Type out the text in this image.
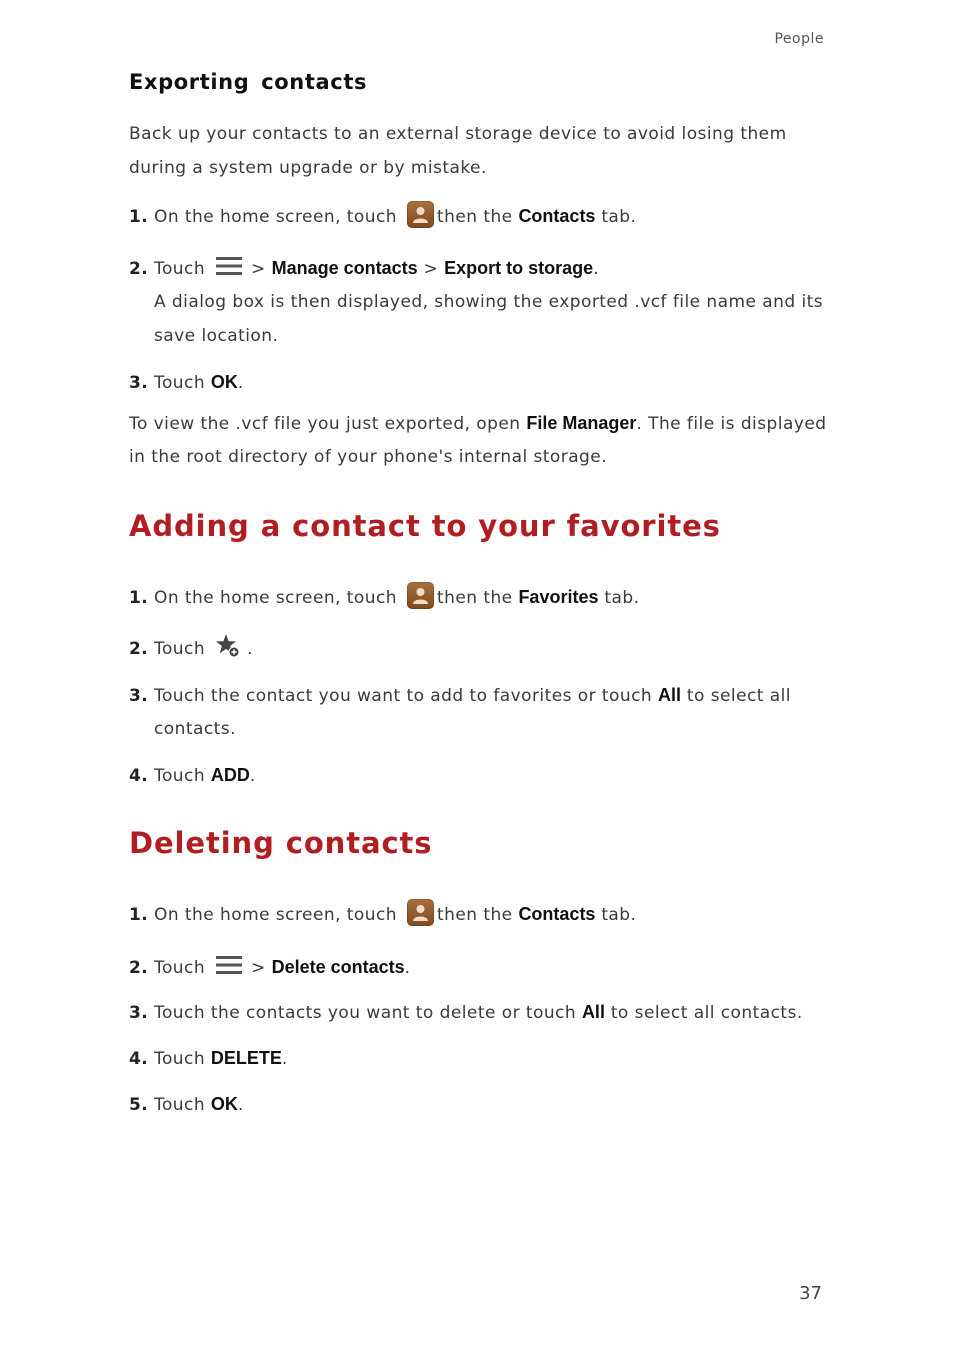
People
Exporting contacts
Back up your contacts to an external storage device to avoid losing them
during a system upgrade or by mistake.
1. On the home screen, touch then the Contacts tab.
2. Touch	> Manage contacts > Export to storage.
A dialog box is then displayed, showing the exported .vcf file name and its
save location.
3. Touch OK.
To view the .vcf file you just exported, open File Manager. The file is displayed
in the root directory of your phone's internal storage.
Adding a contact to your favorites
1. On the home screen, touch then the Favorites tab.
2. Touch .
3. Touch the contact you want to add to favorites or touch All to select all
contacts.
4. Touch ADD.
Deleting contacts
1. On the home screen, touch then the Contacts tab.
2. Touch	> Delete contacts.
3. Touch the contacts you want to delete or touch All to select all contacts.
4. Touch DELETE.
5. Touch OK.
37
